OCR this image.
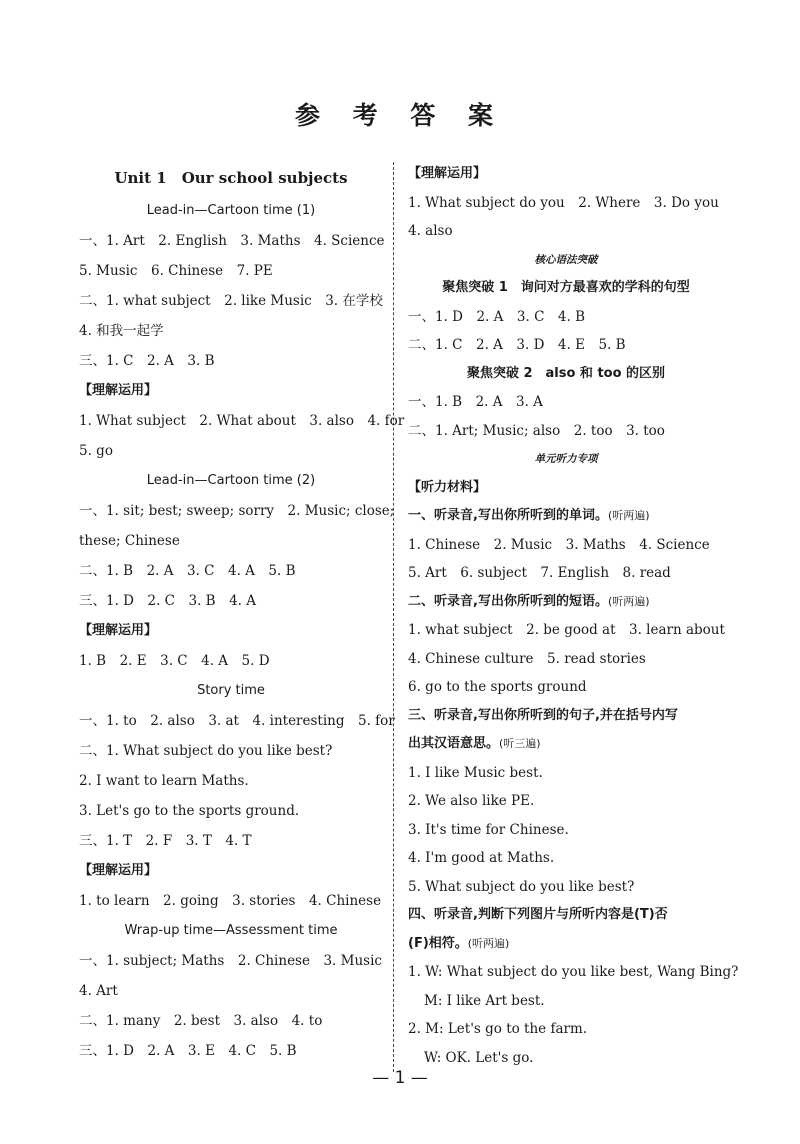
参 考 答 案
Unit 1　Our school subjects
Lead-in—Cartoon time (1)
一、1. Art　2. English　3. Maths　4. Science
5. Music　6. Chinese　7. PE
二、1. what subject　2. like Music　3. 在学校
4. 和我一起学
三、1. C　2. A　3. B
【理解运用】
1. What subject　2. What about　3. also　4. for
5. go
Lead-in—Cartoon time (2)
一、1. sit; best; sweep; sorry　2. Music; close;
these; Chinese
二、1. B　2. A　3. C　4. A　5. B
三、1. D　2. C　3. B　4. A
【理解运用】
1. B　2. E　3. C　4. A　5. D
Story time
一、1. to　2. also　3. at　4. interesting　5. for
二、1. What subject do you like best?
2. I want to learn Maths.
3. Let's go to the sports ground.
三、1. T　2. F　3. T　4. T
【理解运用】
1. to learn　2. going　3. stories　4. Chinese
Wrap-up time—Assessment time
一、1. subject; Maths　2. Chinese　3. Music
4. Art
二、1. many　2. best　3. also　4. to
三、1. D　2. A　3. E　4. C　5. B
【理解运用】
1. What subject do you　2. Where　3. Do you
4. also
核心语法突破
聚焦突破 1　询问对方最喜欢的学科的句型
一、1. D　2. A　3. C　4. B
二、1. C　2. A　3. D　4. E　5. B
聚焦突破 2　also 和 too 的区别
一、1. B　2. A　3. A
二、1. Art; Music; also　2. too　3. too
单元听力专项
【听力材料】
一、听录音,写出你所听到的单词。(听两遍)
1. Chinese　2. Music　3. Maths　4. Science
5. Art　6. subject　7. English　8. read
二、听录音,写出你所听到的短语。(听两遍)
1. what subject　2. be good at　3. learn about
4. Chinese culture　5. read stories
6. go to the sports ground
三、听录音,写出你所听到的句子,并在括号内写
出其汉语意思。(听三遍)
1. I like Music best.
2. We also like PE.
3. It's time for Chinese.
4. I'm good at Maths.
5. What subject do you like best?
四、听录音,判断下列图片与所听内容是(T)否
(F)相符。(听两遍)
1. W: What subject do you like best, Wang Bing?
M: I like Art best.
2. M: Let's go to the farm.
W: OK. Let's go.
— 1 —
